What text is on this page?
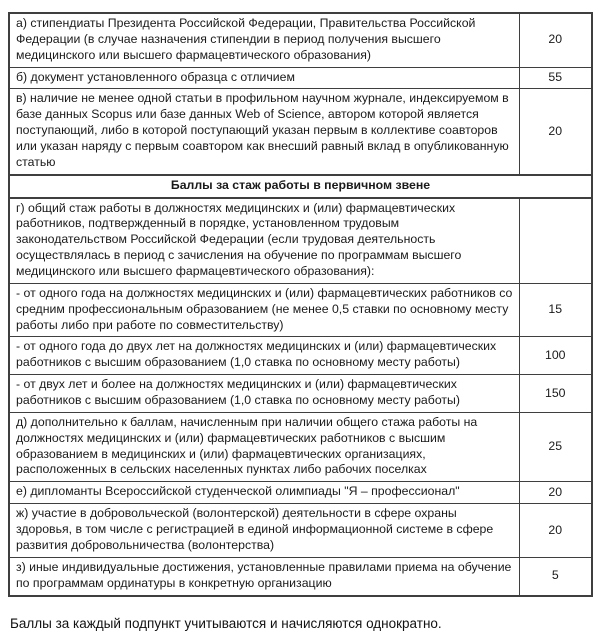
а) стипендиаты Президента Российской Федерации, Правительства Российской Федерации (в случае назначения стипендии в период получения высшего медицинского или высшего фармацевтического образования)	20
б) документ установленного образца с отличием	55
в) наличие не менее одной статьи в профильном научном журнале, индексируемом в базе данных Scopus или базе данных Web of Science, автором которой является поступающий, либо в которой поступающий указан первым в коллективе соавторов или указан наряду с первым соавтором как внесший равный вклад в опубликованную статью	20
Баллы за стаж работы в первичном звене	
г) общий стаж работы в должностях медицинских и (или) фармацевтических работников, подтвержденный в порядке, установленном трудовым законодательством Российской Федерации (если трудовая деятельность осуществлялась в период с зачисления на обучение по программам высшего медицинского или высшего фармацевтического образования):	
- от одного года на должностях медицинских и (или) фармацевтических работников со средним профессиональным образованием (не менее 0,5 ставки по основному месту работы либо при работе по совместительству)	15
- от одного года до двух лет на должностях медицинских и (или) фармацевтических работников с высшим образованием (1,0 ставка по основному месту работы)	100
- от двух лет и более на должностях медицинских и (или) фармацевтических работников с высшим образованием (1,0 ставка по основному месту работы)	150
д) дополнительно к баллам, начисленным при наличии общего стажа работы на должностях медицинских и (или) фармацевтических работников с высшим образованием в медицинских и (или) фармацевтических организациях, расположенных в сельских населенных пунктах либо рабочих поселках	25
е) дипломанты Всероссийской студенческой олимпиады "Я – профессионал"	20
ж) участие в добровольческой (волонтерской) деятельности в сфере охраны здоровья, в том числе с регистрацией в единой информационной системе в сфере развития добровольничества (волонтерства)	20
з) иные индивидуальные достижения, установленные правилами приема на обучение по программам ординатуры в конкретную организацию	5

Баллы за каждый подпункт учитываются и начисляются однократно.
